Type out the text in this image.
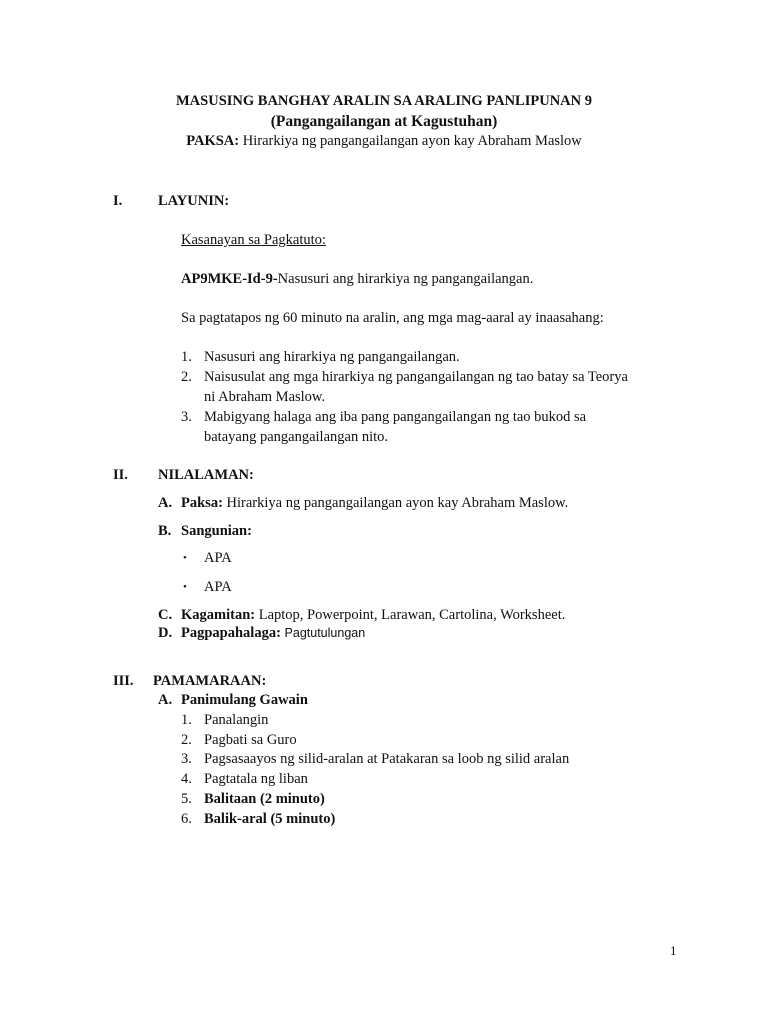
MASUSING BANGHAY ARALIN SA ARALING PANLIPUNAN 9
(Pangangailangan at Kagustuhan)
PAKSA: Hirarkiya ng pangangailangan ayon kay Abraham Maslow
I. LAYUNIN:
Kasanayan sa Pagkatuto:
AP9MKE-Id-9-Nasusuri ang hirarkiya ng pangangailangan.
Sa pagtatapos ng 60 minuto na aralin, ang mga mag-aaral ay inaasahang:
1. Nasusuri ang hirarkiya ng pangangailangan.
2. Naisusulat ang mga hirarkiya ng pangangailangan ng tao batay sa Teorya
ni Abraham Maslow.
3. Mabigyang halaga ang iba pang pangangailangan ng tao bukod sa
batayang pangangailangan nito.
II. NILALAMAN:
A. Paksa: Hirarkiya ng pangangailangan ayon kay Abraham Maslow.
B. Sangunian:
• APA
• APA
C. Kagamitan: Laptop, Powerpoint, Larawan, Cartolina, Worksheet.
D. Pagpapahalaga: Pagtutulungan
III. PAMAMARAAN:
A. Panimulang Gawain
1. Panalangin
2. Pagbati sa Guro
3. Pagsasaayos ng silid-aralan at Patakaran sa loob ng silid aralan
4. Pagtatala ng liban
5. Balitaan (2 minuto)
6. Balik-aral (5 minuto)
1
